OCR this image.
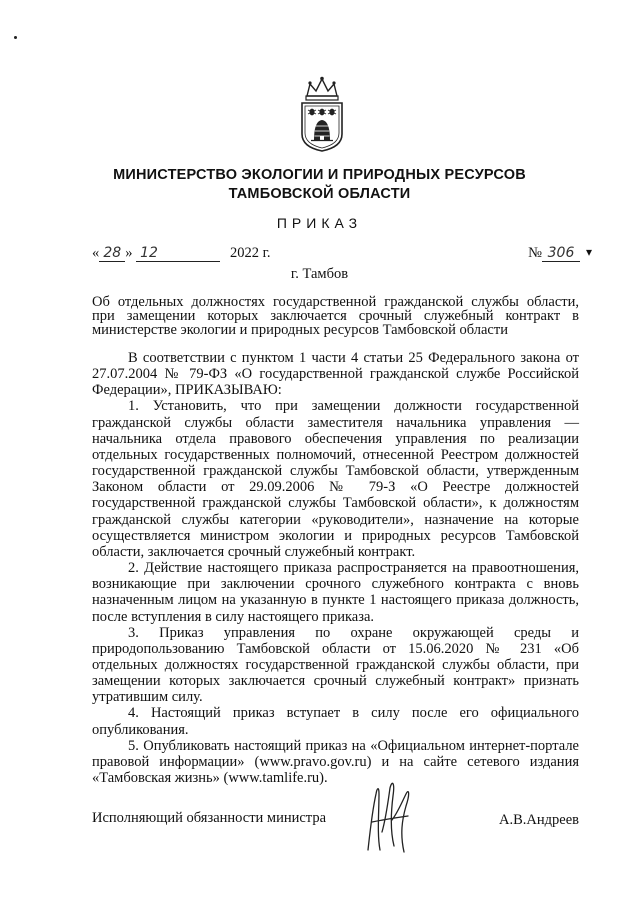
МИНИСТЕРСТВО ЭКОЛОГИИ И ПРИРОДНЫХ РЕСУРСОВ
ТАМБОВСКОЙ ОБЛАСТИ
ПРИКАЗ
« 28 » 12	2022 г.	№ 306 ▾
г. Тамбов
Об отдельных должностях государственной гражданской службы области, при замещении которых заключается срочный служебный контракт в министерстве экологии и природных ресурсов Тамбовской области

В соответствии с пунктом 1 части 4 статьи 25 Федерального закона от 27.07.2004 № 79-ФЗ «О государственной гражданской службе Российской Федерации», ПРИКАЗЫВАЮ:

1. Установить, что при замещении должности государственной гражданской службы области заместителя начальника управления — начальника отдела правового обеспечения управления по реализации отдельных государственных полномочий, отнесенной Реестром должностей государственной гражданской службы Тамбовской области, утвержденным Законом области от 29.09.2006 № 79-З «О Реестре должностей государственной гражданской службы Тамбовской области», к должностям гражданской службы категории «руководители», назначение на которые осуществляется министром экологии и природных ресурсов Тамбовской области, заключается срочный служебный контракт.

2. Действие настоящего приказа распространяется на правоотношения, возникающие при заключении срочного служебного контракта с вновь назначенным лицом на указанную в пункте 1 настоящего приказа должность, после вступления в силу настоящего приказа.

3. Приказ управления по охране окружающей среды и природопользованию Тамбовской области от 15.06.2020 № 231 «Об отдельных должностях государственной гражданской службы области, при замещении которых заключается срочный служебный контракт» признать утратившим силу.

4. Настоящий приказ вступает в силу после его официального опубликования.

5. Опубликовать настоящий приказ на «Официальном интернет-портале правовой информации» (www.pravo.gov.ru) и на сайте сетевого издания «Тамбовская жизнь» (www.tamlife.ru).

Исполняющий обязанности министра	А.В.Андреев
